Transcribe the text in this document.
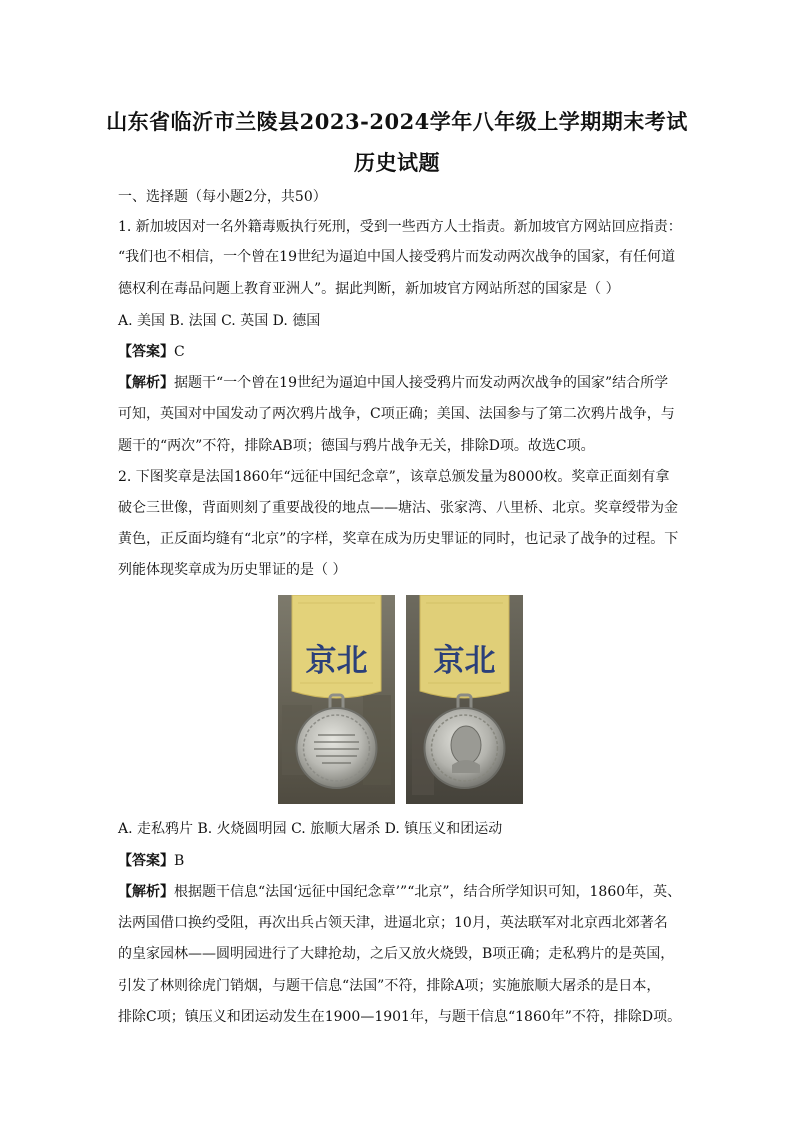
山东省临沂市兰陵县2023-2024学年八年级上学期期末考试
历史试题
一、选择题（每小题2分，共50）
1. 新加坡因对一名外籍毒贩执行死刑，受到一些西方人士指责。新加坡官方网站回应指责：
“我们也不相信，一个曾在19世纪为逼迫中国人接受鸦片而发动两次战争的国家，有任何道
德权利在毒品问题上教育亚洲人”。据此判断，新加坡官方网站所怼的国家是（ ）
A. 美国 B. 法国 C. 英国 D. 德国
【答案】C
【解析】据题干“一个曾在19世纪为逼迫中国人接受鸦片而发动两次战争的国家”结合所学
可知，英国对中国发动了两次鸦片战争，C项正确；美国、法国参与了第二次鸦片战争，与
题干的“两次”不符，排除AB项；德国与鸦片战争无关，排除D项。故选C项。
2. 下图奖章是法国1860年“远征中国纪念章”，该章总颁发量为8000枚。奖章正面刻有拿
破仑三世像，背面则刻了重要战役的地点——塘沽、张家湾、八里桥、北京。奖章绶带为金
黄色，正反面均缝有“北京”的字样，奖章在成为历史罪证的同时，也记录了战争的过程。下
列能体现奖章成为历史罪证的是（ ）
京北 京北
A. 走私鸦片 B. 火烧圆明园 C. 旅顺大屠杀 D. 镇压义和团运动
【答案】B
【解析】根据题干信息“法国‘远征中国纪念章’”“北京”，结合所学知识可知，1860年，英、
法两国借口换约受阻，再次出兵占领天津，进逼北京；10月，英法联军对北京西北郊著名
的皇家园林——圆明园进行了大肆抢劫，之后又放火烧毁，B项正确；走私鸦片的是英国，
引发了林则徐虎门销烟，与题干信息“法国”不符，排除A项；实施旅顺大屠杀的是日本，
排除C项；镇压义和团运动发生在1900—1901年，与题干信息“1860年”不符，排除D项。
